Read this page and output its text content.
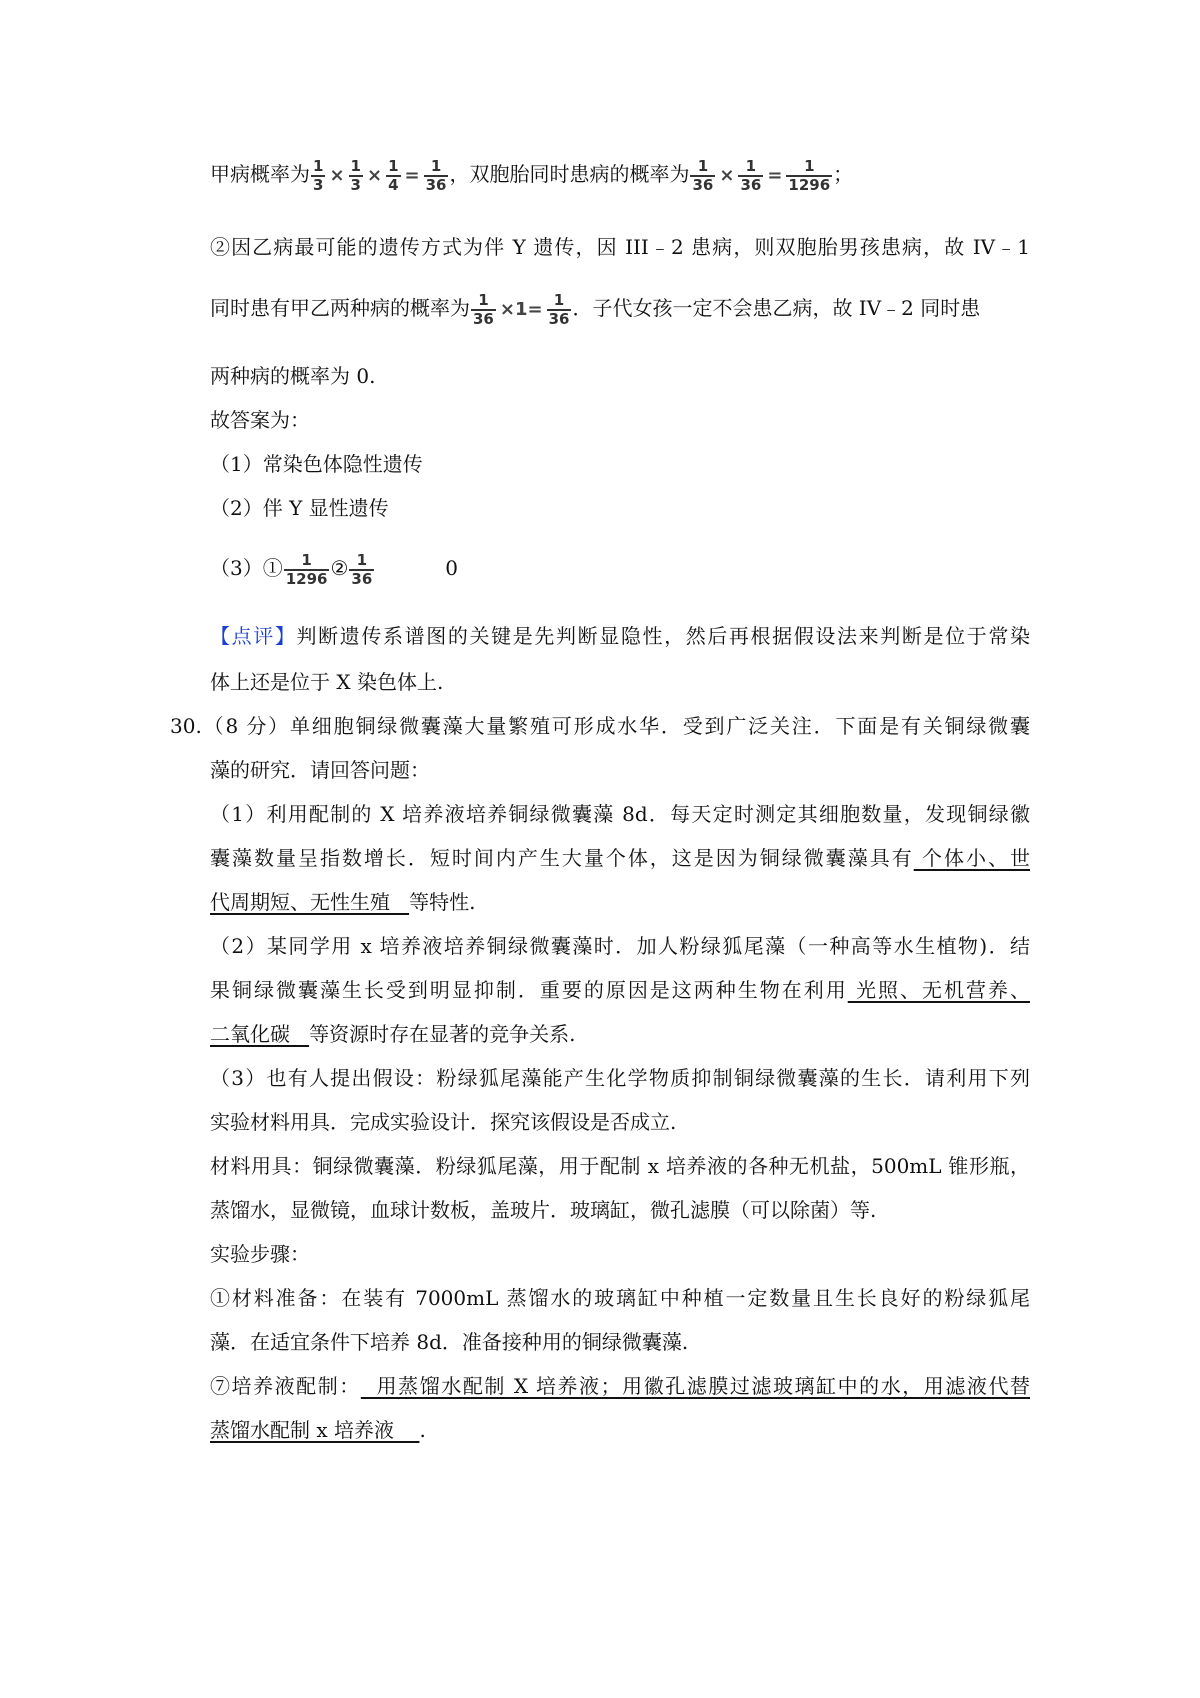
甲病概率为 $\frac{1}{3} \times \frac{1}{3} \times \frac{1}{4} = \frac{1}{36}$ ，双胞胎同时患病的概率为 $\frac{1}{36} \times \frac{1}{36} = \frac{1}{1296}$ ；
②因乙病最可能的遗传方式为伴 Y 遗传，因 III﹣2 患病，则双胞胎男孩患病，故 IV﹣1
同时患有甲乙两种病的概率为 $\frac{1}{36} \times 1= \frac{1}{36}$ ．子代女孩一定不会患乙病，故 IV﹣2 同时患
两种病的概率为 0.
故答案为：
（1）常染色体隐性遗传
（2）伴 Y 显性遗传
（3）① $\frac{1}{1296}$ ② $\frac{1}{36}$	0
【点评】判断遗传系谱图的关键是先判断显隐性，然后再根据假设法来判断是位于常染
体上还是位于 X 染色体上.
30.（8 分）单细胞铜绿微囊藻大量繁殖可形成水华．受到广泛关注．下面是有关铜绿微囊
藻的研究．请回答问题：
（1）利用配制的 X 培养液培养铜绿微囊藻 8d．每天定时测定其细胞数量，发现铜绿徽
囊藻数量呈指数增长．短时间内产生大量个体，这是因为铜绿微囊藻具有 个体小、世
代周期短、无性生殖   等特性.
（2）某同学用 x 培养液培养铜绿微囊藻时．加人粉绿狐尾藻（一种高等水生植物)．结
果铜绿微囊藻生长受到明显抑制．重要的原因是这两种生物在利用 光照、无机营养、
二氧化碳   等资源时存在显著的竞争关系.
（3）也有人提出假设：粉绿狐尾藻能产生化学物质抑制铜绿微囊藻的生长．请利用下列
实验材料用具．完成实验设计．探究该假设是否成立.
材料用具：铜绿微囊藻．粉绿狐尾藻，用于配制 x 培养液的各种无机盐，500mL 锥形瓶，
蒸馏水，显微镜，血球计数板，盖玻片．玻璃缸，微孔滤膜（可以除菌）等.
实验步骤：
①材料准备：在装有 7000mL 蒸馏水的玻璃缸中种植一定数量且生长良好的粉绿狐尾
藻．在适宜条件下培养 8d．准备接种用的铜绿微囊藻.
⑦培养液配制：  用蒸馏水配制 X 培养液；用徽孔滤膜过滤玻璃缸中的水，用滤液代替
蒸馏水配制 x 培养液    .
